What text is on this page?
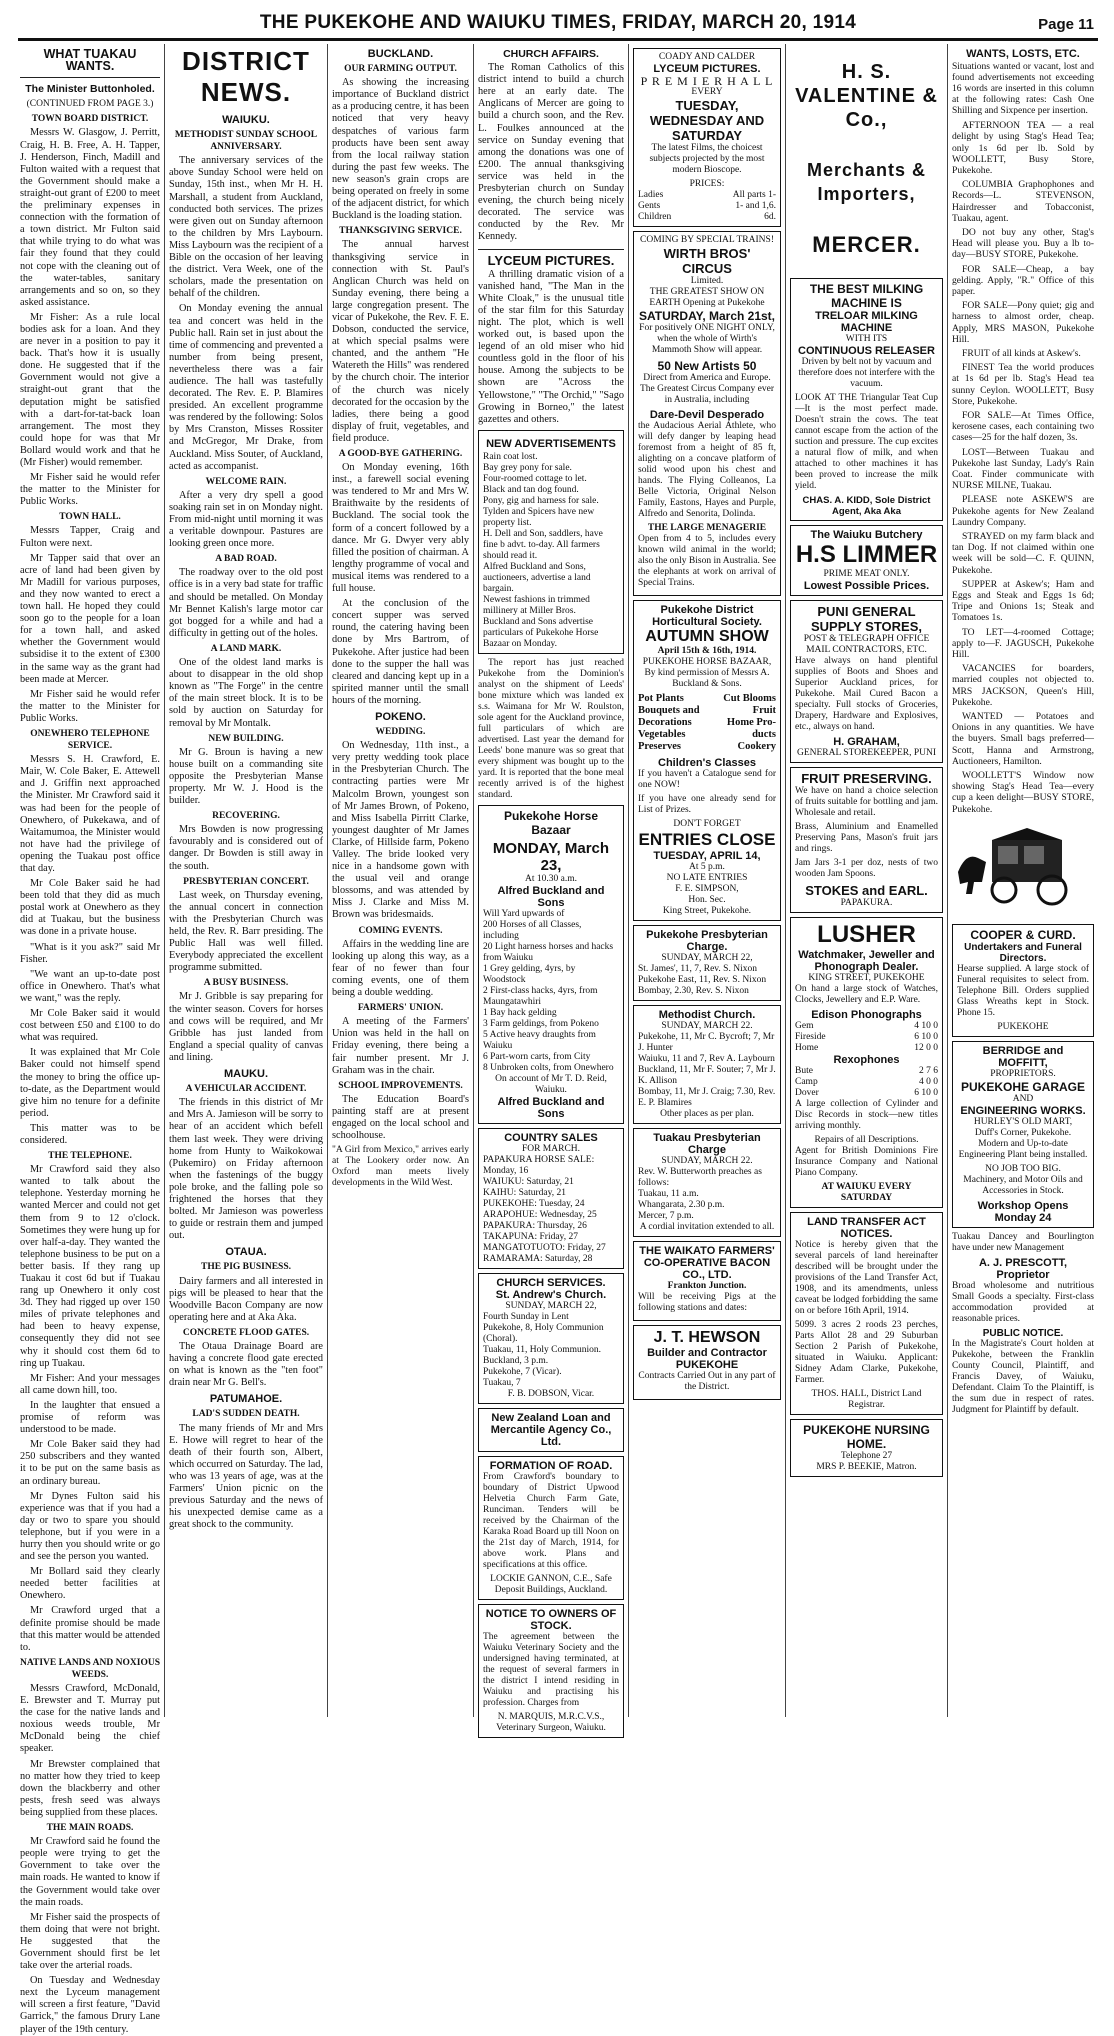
THE PUKEKOHE AND WAIUKU TIMES, FRIDAY, MARCH 20, 1914	Page 11
WHAT TUAKAU WANTS.
The Minister Buttonholed.
(CONTINUED FROM PAGE 3.)
TOWN BOARD DISTRICT.

Messrs W. Glasgow, J. Perritt, Craig, H. B. Free, A. H. Tapper, J. Henderson, Finch, Madill and Fulton waited with a request that the Government should make a straight-out grant of £200 to meet the preliminary expenses in connection with the formation of a town district. Mr Fulton said that while trying to do what was fair they found that they could not cope with the cleaning out of the water-tables, sanitary arrangements and so on, so they asked assistance.

Mr Fisher: As a rule local bodies ask for a loan. And they are never in a position to pay it back. That's how it is usually done. He suggested that if the Government would not give a straight-out grant that the deputation might be satisfied with a dart-for-tat-back loan arrangement. The most they could hope for was that Mr Bollard would work and that he (Mr Fisher) would remember.

Mr Fisher said he would refer the matter to the Minister for Public Works.

TOWN HALL.

Messrs Tapper, Craig and Fulton were next.

Mr Tapper said that over an acre of land had been given by Mr Madill for various purposes, and they now wanted to erect a town hall. He hoped they could soon go to the people for a loan for a town hall, and asked whether the Government would subsidise it to the extent of £300 in the same way as the grant had been made at Mercer.

Mr Fisher said he would refer the matter to the Minister for Public Works.

ONEWHERO TELEPHONE SERVICE.

Messrs S. H. Crawford, E. Mair, W. Cole Baker, E. Attewell and J. Griffin next approached the Minister. Mr Crawford said it was had been for the people of Onewhero, of Pukekawa, and of Waitamumoa, the Minister would not have had the privilege of opening the Tuakau post office that day.

Mr Cole Baker said he had been told that they did as much postal work at Onewhero as they did at Tuakau, but the business was done in a private house.

"What is it you ask?" said Mr Fisher.

"We want an up-to-date post office in Onewhero. That's what we want," was the reply.

Mr Cole Baker said it would cost between £50 and £100 to do what was required.

It was explained that Mr Cole Baker could not himself spend the money to bring the office up-to-date, as the Department would give him no tenure for a definite period.

This matter was to be considered.

THE TELEPHONE.

Mr Crawford said they also wanted to talk about the telephone. Yesterday morning he wanted Mercer and could not get them from 9 to 12 o'clock. Sometimes they were hung up for over half-a-day. They wanted the telephone business to be put on a better basis. If they rang up Tuakau it cost 6d but if Tuakau rang up Onewhero it only cost 3d. They had rigged up over 150 miles of private telephones and had been to heavy expense, consequently they did not see why it should cost them 6d to ring up Tuakau.

Mr Fisher: And your messages all came down hill, too.

In the laughter that ensued a promise of reform was understood to be made.

Mr Cole Baker said they had 250 subscribers and they wanted it to be put on the same basis as an ordinary bureau.

Mr Dynes Fulton said his experience was that if you had a day or two to spare you should telephone, but if you were in a hurry then you should write or go and see the person you wanted.

Mr Bollard said they clearly needed better facilities at Onewhero.

Mr Crawford urged that a definite promise should be made that this matter would be attended to.

NATIVE LANDS AND NOXIOUS WEEDS.

Messrs Crawford, McDonald, E. Brewster and T. Murray put the case for the native lands and noxious weeds trouble, Mr McDonald being the chief speaker.

Mr Brewster complained that no matter how they tried to keep down the blackberry and other pests, fresh seed was always being supplied from these places.

THE MAIN ROADS.

Mr Crawford said he found the people were trying to get the Government to take over the main roads. He wanted to know if the Government would take over the main roads.

Mr Fisher said the prospects of them doing that were not bright. He suggested that the Government should first be let take over the arterial roads.

On Tuesday and Wednesday next the Lyceum management will screen a first feature, "David Garrick," the famous Drury Lane player of the 19th century.

DISTRICT NEWS.
WAIUKU.
METHODIST SUNDAY SCHOOL ANNIVERSARY.

The anniversary services of the above Sunday School were held on Sunday, 15th inst., when Mr H. H. Marshall, a student from Auckland, conducted both services. The prizes were given out on Sunday afternoon to the children by Mrs Laybourn. Miss Laybourn was the recipient of a Bible on the occasion of her leaving the district. Vera Week, one of the scholars, made the presentation on behalf of the children.

On Monday evening the annual tea and concert was held in the Public hall. Rain set in just about the time of commencing and prevented a number from being present, nevertheless there was a fair audience. The hall was tastefully decorated. The Rev. E. P. Blamires presided. An excellent programme was rendered by the following: Solos by Mrs Cranston, Misses Rossiter and McGregor, Mr Drake, from Auckland. Miss Souter, of Auckland, acted as accompanist.

WELCOME RAIN.

After a very dry spell a good soaking rain set in on Monday night. From mid-night until morning it was a veritable downpour. Pastures are looking green once more.

A BAD ROAD.

The roadway over to the old post office is in a very bad state for traffic and should be metalled. On Monday Mr Bennet Kalish's large motor car got bogged for a while and had a difficulty in getting out of the holes.

A LAND MARK.

One of the oldest land marks is about to disappear in the old shop known as "The Forge" in the centre of the main street block. It is to be sold by auction on Saturday for removal by Mr Montalk.

NEW BUILDING.

Mr G. Broun is having a new house built on a commanding site opposite the Presbyterian Manse property. Mr W. J. Hood is the builder.

RECOVERING.

Mrs Bowden is now progressing favourably and is considered out of danger. Dr Bowden is still away in the south.

PRESBYTERIAN CONCERT.

Last week, on Thursday evening, the annual concert in connection with the Presbyterian Church was held, the Rev. R. Barr presiding. The Public Hall was well filled. Everybody appreciated the excellent programme submitted.

A BUSY BUSINESS.

Mr J. Gribble is say preparing for the winter season. Covers for horses and cows will be required, and Mr Gribble has just landed from England a special quality of canvas and lining.

MAUKU.
A VEHICULAR ACCIDENT.

The friends in this district of Mr and Mrs A. Jamieson will be sorry to hear of an accident which befell them last week. They were driving home from Hunty to Waikokowai (Pukemiro) on Friday afternoon when the fastenings of the buggy pole broke, and the falling pole so frightened the horses that they bolted. Mr Jamieson was powerless to guide or restrain them and jumped out.

OTAUA.
THE PIG BUSINESS.

Dairy farmers and all interested in pigs will be pleased to hear that the Woodville Bacon Company are now operating here and at Aka Aka.

CONCRETE FLOOD GATES.

The Otaua Drainage Board are having a concrete flood gate erected on what is known as the "ten foot" drain near Mr G. Bell's.

PATUMAHOE.
LAD'S SUDDEN DEATH.

The many friends of Mr and Mrs E. Howe will regret to hear of the death of their fourth son, Albert, which occurred on Saturday. The lad, who was 13 years of age, was at the Farmers' Union picnic on the previous Saturday and the news of his unexpected demise came as a great shock to the community.

BUCKLAND.
OUR FARMING OUTPUT.

As showing the increasing importance of Buckland district as a producing centre, it has been noticed that very heavy despatches of various farm products have been sent away from the local railway station during the past few weeks. The new season's grain crops are being operated on freely in some of the adjacent district, for which Buckland is the loading station.

THANKSGIVING SERVICE.

The annual harvest thanksgiving service in connection with St. Paul's Anglican Church was held on Sunday evening, there being a large congregation present. The vicar of Pukekohe, the Rev. F. E. Dobson, conducted the service, at which special psalms were chanted, and the anthem "He Watereth the Hills" was rendered by the church choir. The interior of the church was nicely decorated for the occasion by the ladies, there being a good display of fruit, vegetables, and field produce.

A GOOD-BYE GATHERING.

On Monday evening, 16th inst., a farewell social evening was tendered to Mr and Mrs W. Braithwaite by the residents of Buckland. The social took the form of a concert followed by a dance. Mr G. Dwyer very ably filled the position of chairman. A lengthy programme of vocal and musical items was rendered to a full house.

At the conclusion of the concert supper was served round, the catering having been done by Mrs Bartrom, of Pukekohe. After justice had been done to the supper the hall was cleared and dancing kept up in a spirited manner until the small hours of the morning.

POKENO.
WEDDING.

On Wednesday, 11th inst., a very pretty wedding took place in the Presbyterian Church. The contracting parties were Mr Malcolm Brown, youngest son of Mr James Brown, of Pokeno, and Miss Isabella Pirritt Clarke, youngest daughter of Mr James Clarke, of Hillside farm, Pokeno Valley. The bride looked very nice in a handsome gown with the usual veil and orange blossoms, and was attended by Miss J. Clarke and Miss M. Brown was bridesmaids.

COMING EVENTS.

Affairs in the wedding line are looking up along this way, as a fear of no fewer than four coming events, one of them being a double wedding.

FARMERS' UNION.

A meeting of the Farmers' Union was held in the hall on Friday evening, there being a fair number present. Mr J. Graham was in the chair.

SCHOOL IMPROVEMENTS.

The Education Board's painting staff are at present engaged on the local school and schoolhouse.

"A Girl from Mexico," arrives early at The Lookery order now. An Oxford man meets lively developments in the Wild West.

CHURCH AFFAIRS.

The Roman Catholics of this district intend to build a church here at an early date. The Anglicans of Mercer are going to build a church soon, and the Rev. L. Foulkes announced at the service on Sunday evening that among the donations was one of £200. The annual thanksgiving service was held in the Presbyterian church on Sunday evening, the church being nicely decorated. The service was conducted by the Rev. Mr Kennedy.

LYCEUM PICTURES.

A thrilling dramatic vision of a vanished hand, "The Man in the White Cloak," is the unusual title of the star film for this Saturday night. The plot, which is well worked out, is based upon the legend of an old miser who hid countless gold in the floor of his house. Among the subjects to be shown are "Across the Yellowstone," "The Orchid," "Sago Growing in Borneo," the latest gazettes and others.

NEW ADVERTISEMENTS
Rain coat lost.
Bay grey pony for sale.
Four-roomed cottage to let.
Black and tan dog found.
Pony, gig and harness for sale.
Tylden and Spicers have new property list.
H. Dell and Son, saddlers, have fine b advt. to-day. All farmers should read it.
Alfred Buckland and Sons, auctioneers, advertise a land bargain.
Newest fashions in trimmed millinery at Miller Bros.
Buckland and Sons advertise particulars of Pukekohe Horse Bazaar on Monday.

The report has just reached Pukekohe from the Dominion's analyst on the shipment of Leeds' bone mixture which was landed ex s.s. Waimana for Mr W. Roulston, sole agent for the Auckland province, full particulars of which are advertised. Last year the demand for Leeds' bone manure was so great that every shipment was bought up to the yard. It is reported that the bone meal recently arrived is of the highest standard.

Pukekohe Horse Bazaar
MONDAY, March 23,
At 10.30 a.m.
Alfred Buckland and Sons
Will Yard upwards of
200 Horses of all Classes, including
20 Light harness horses and hacks from Waiuku
1 Grey gelding, 4yrs, by Woodstock
2 First-class hacks, 4yrs, from Maungatawhiri
1 Bay hack gelding
3 Farm geldings, from Pokeno
5 Active heavy draughts from Waiuku
6 Part-worn carts, from City
8 Unbroken colts, from Onewhero
On account of Mr T. D. Reid, Waiuku.
Alfred Buckland and Sons
COUNTRY SALES
FOR MARCH.
PAPAKURA HORSE SALE: Monday, 16
WAIUKU: Saturday, 21
KAIHU: Saturday, 21
PUKEKOHE: Tuesday, 24
ARAPOHUE: Wednesday, 25
PAPAKURA: Thursday, 26
TAKAPUNA: Friday, 27
MANGATOTUOTO: Friday, 27
RAMARAMA: Saturday, 28
CHURCH SERVICES.
St. Andrew's Church.
SUNDAY, MARCH 22,
Fourth Sunday in Lent
Pukekohe, 8, Holy Communion (Choral).
Tuakau, 11, Holy Communion.
Buckland, 3 p.m.
Pukekohe, 7 (Vicar).
Tuakau, 7
F. B. DOBSON, Vicar.
New Zealand Loan and Mercantile Agency Co., Ltd.
FORMATION OF ROAD.

From Crawford's boundary to boundary of District Upwood Helvetia Church Farm Gate, Runciman. Tenders will be received by the Chairman of the Karaka Road Board up till Noon on the 21st day of March, 1914, for above work. Plans and specifications at this office.

LOCKIE GANNON, C.E., Safe Deposit Buildings, Auckland.
NOTICE TO OWNERS OF STOCK.

The agreement between the Waiuku Veterinary Society and the undersigned having terminated, at the request of several farmers in the district I intend residing in Waiuku and practising his profession. Charges from

N. MARQUIS, M.R.C.V.S., Veterinary Surgeon, Waiuku.
COADY AND CALDER
LYCEUM PICTURES.
P R E M I E R H A L L
EVERY
TUESDAY, WEDNESDAY AND SATURDAY

The latest Films, the choicest subjects projected by the most modern Bioscope.

PRICES:
Ladies	All parts 1-
Gents	1- and 1,6.
Children	6d.
COMING BY SPECIAL TRAINS!
WIRTH BROS' CIRCUS
Limited.
THE GREATEST SHOW ON EARTH Opening at Pukekohe
SATURDAY, March 21st,

For positively ONE NIGHT ONLY, when the whole of Wirth's Mammoth Show will appear.

50 New Artists 50

Direct from America and Europe. The Greatest Circus Company ever in Australia, including

Dare-Devil Desperado

the Audacious Aerial Athlete, who will defy danger by leaping head foremost from a height of 85 ft, alighting on a concave platform of solid wood upon his chest and hands. The Flying Colleanos, La Belle Victoria, Original Nelson Family, Eastons, Hayes and Purple, Alfredo and Senorita, Dolinda.

THE LARGE MENAGERIE

Open from 4 to 5, includes every known wild animal in the world; also the only Bison in Australia. See the elephants at work on arrival of Special Trains.

Pukekohe District Horticultural Society.
AUTUMN SHOW
April 15th & 16th, 1914.
PUKEKOHE HORSE BAZAAR,
By kind permission of Messrs A. Buckland & Sons.
Pot Plants	Cut Blooms
Bouquets and	Fruit
Decorations	Home Pro-
Vegetables	ducts
Preserves	Cookery
Children's Classes

If you haven't a Catalogue send for one NOW!

If you have one already send for List of Prizes.

DON'T FORGET
ENTRIES CLOSE
TUESDAY, APRIL 14,
At 5 p.m.
NO LATE ENTRIES
F. E. SIMPSON,
Hon. Sec.
King Street, Pukekohe.
Pukekohe Presbyterian Charge.
SUNDAY, MARCH 22,
St. James', 11, 7, Rev. S. Nixon
Pukekohe East, 11, Rev. S. Nixon
Bombay, 2.30, Rev. S. Nixon
Methodist Church.
SUNDAY, MARCH 22.
Pukekohe, 11, Mr C. Bycroft; 7, Mr J. Hunter
Waiuku, 11 and 7, Rev A. Laybourn
Buckland, 11, Mr F. Souter; 7, Mr J. K. Allison
Bombay, 11, Mr J. Craig; 7.30, Rev. E. P. Blamires
Other places as per plan.
Tuakau Presbyterian Charge
SUNDAY, MARCH 22.
Rev. W. Butterworth preaches as follows:
Tuakau, 11 a.m.
Whangarata, 2.30 p.m.
Mercer, 7 p.m.
A cordial invitation extended to all.
THE WAIKATO FARMERS' CO-OPERATIVE BACON CO., LTD.
Frankton Junction.

Will be receiving Pigs at the following stations and dates:

J. T. HEWSON
Builder and Contractor
PUKEKOHE

Contracts Carried Out in any part of the District.

H. S. VALENTINE & Co.,
Merchants & Importers,
MERCER.
THE BEST MILKING MACHINE IS
TRELOAR MILKING MACHINE
WITH ITS
CONTINUOUS RELEASER

Driven by belt not by vacuum and therefore does not interfere with the vacuum.

LOOK AT THE Triangular Teat Cup—It is the most perfect made. Doesn't strain the cows. The teat cannot escape from the action of the suction and pressure. The cup excites a natural flow of milk, and when attached to other machines it has been proved to increase the milk yield.

CHAS. A. KIDD, Sole District Agent, Aka Aka
The Waiuku Butchery
H.S LIMMER
PRIME MEAT ONLY.
Lowest Possible Prices.
PUNI GENERAL SUPPLY STORES,
POST & TELEGRAPH OFFICE MAIL CONTRACTORS, ETC.

Have always on hand plentiful supplies of Boots and Shoes and Superior Auckland prices, for Pukekohe. Mail Cured Bacon a specialty. Full stocks of Groceries, Drapery, Hardware and Explosives, etc., always on hand.

H. GRAHAM,
GENERAL STOREKEEPER, PUNI
FRUIT PRESERVING.

We have on hand a choice selection of fruits suitable for bottling and jam. Wholesale and retail.

Brass, Aluminium and Enamelled Preserving Pans, Mason's fruit jars and rings.

Jam Jars 3-1 per doz, nests of two wooden Jam Spoons.

STOKES and EARL.
PAPAKURA.
LUSHER
Watchmaker, Jeweller and Phonograph Dealer.
KING STREET, PUKEKOHE

On hand a large stock of Watches, Clocks, Jewellery and E.P. Ware.

Edison Phonographs
Gem	4 10 0
Fireside	6 10 0
Home	12 0 0
Rexophones
Bute	2 7 6
Camp	4 0 0
Dover	6 10 0

A large collection of Cylinder and Disc Records in stock—new titles arriving monthly.

Repairs of all Descriptions.

Agent for British Dominions Fire Insurance Company and National Piano Company.

AT WAIUKU EVERY SATURDAY
LAND TRANSFER ACT NOTICES.

Notice is hereby given that the several parcels of land hereinafter described will be brought under the provisions of the Land Transfer Act, 1908, and its amendments, unless caveat be lodged forbidding the same on or before 16th April, 1914.

5099. 3 acres 2 roods 23 perches, Parts Allot 28 and 29 Suburban Section 2 Parish of Pukekohe, situated in Waiuku. Applicant: Sidney Adam Clarke, Pukekohe, Farmer.

THOS. HALL, District Land Registrar.
PUKEKOHE NURSING HOME.
Telephone 27
MRS P. BEEKIE, Matron.
WANTS, LOSTS, ETC.

Situations wanted or vacant, lost and found advertisements not exceeding 16 words are inserted in this column at the following rates: Cash One Shilling and Sixpence per insertion.

AFTERNOON TEA — a real delight by using Stag's Head Tea; only 1s 6d per lb. Sold by WOOLLETT, Busy Store, Pukekohe.

COLUMBIA Graphophones and Records—L. STEVENSON, Hairdresser and Tobacconist, Tuakau, agent.

DO not buy any other, Stag's Head will please you. Buy a lb to-day—BUSY STORE, Pukekohe.

FOR SALE—Cheap, a bay gelding. Apply, "R." Office of this paper.

FOR SALE—Pony quiet; gig and harness to almost order, cheap. Apply, MRS MASON, Pukekohe Hill.

FRUIT of all kinds at Askew's.

FINEST Tea the world produces at 1s 6d per lb. Stag's Head tea sunny Ceylon. WOOLLETT, Busy Store, Pukekohe.

FOR SALE—At Times Office, kerosene cases, each containing two cases—25 for the half dozen, 3s.

LOST—Between Tuakau and Pukekohe last Sunday, Lady's Rain Coat. Finder communicate with NURSE MILNE, Tuakau.

PLEASE note ASKEW'S are Pukekohe agents for New Zealand Laundry Company.

STRAYED on my farm black and tan Dog. If not claimed within one week will be sold—C. F. QUINN, Pukekohe.

SUPPER at Askew's; Ham and Eggs and Steak and Eggs 1s 6d; Tripe and Onions 1s; Steak and Tomatoes 1s.

TO LET—4-roomed Cottage; apply to—F. JAGUSCH, Pukekohe Hill.

VACANCIES for boarders, married couples not objected to. MRS JACKSON, Queen's Hill, Pukekohe.

WANTED — Potatoes and Onions in any quantities. We have the buyers. Small bags preferred—Scott, Hanna and Armstrong, Auctioneers, Hamilton.

WOOLLETT'S Window now showing Stag's Head Tea—every cup a keen delight—BUSY STORE, Pukekohe.

COOPER & CURD.
Undertakers and Funeral Directors.

Hearse supplied. A large stock of Funeral requisites to select from. Telephone Bill. Orders supplied Glass Wreaths kept in Stock. Phone 15.

PUKEKOHE
BERRIDGE and MOFFITT,
PROPRIETORS.
PUKEKOHE GARAGE
AND
ENGINEERING WORKS.
HURLEY'S OLD MART,
Duff's Corner, Pukekohe.

Modern and Up-to-date Engineering Plant being installed.

NO JOB TOO BIG.

Machinery, and Motor Oils and Accessories in Stock.

Workshop Opens Monday 24

Tuakau Dancey and Bourlington have under new Management

A. J. PRESCOTT, Proprietor

Broad wholesome and nutritious Small Goods a specialty. First-class accommodation provided at reasonable prices.

PUBLIC NOTICE.

In the Magistrate's Court holden at Pukekohe, between the Franklin County Council, Plaintiff, and Francis Davey, of Waiuku, Defendant. Claim To the Plaintiff, is the sum due in respect of rates. Judgment for Plaintiff by default.
